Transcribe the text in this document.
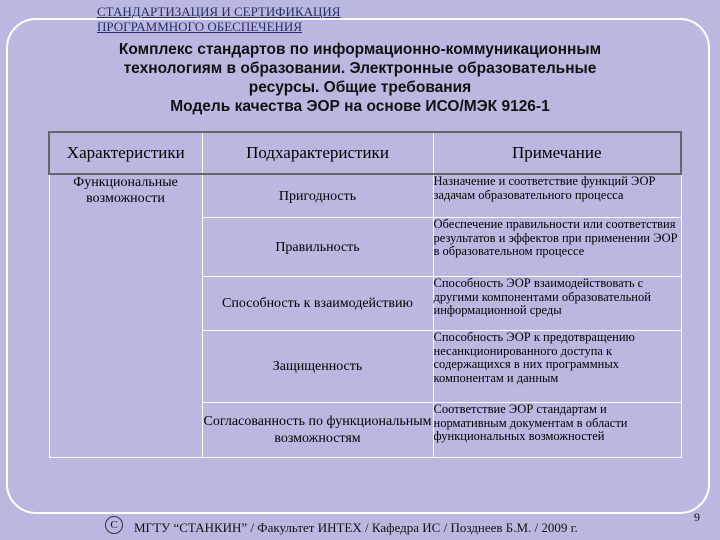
СТАНДАРТИЗАЦИЯ И СЕРТИФИКАЦИЯ
ПРОГРАММНОГО ОБЕСПЕЧЕНИЯ
Комплекс стандартов по информационно-коммуникационным
технологиям в образовании. Электронные образовательные
ресурсы. Общие требования
Модель качества ЭОР на основе ИСО/МЭК 9126-1
Характеристики	Подхарактеристики	Примечание
Функциональные возможности	Пригодность	Назначение и соответствие функций ЭОР задачам образовательного процесса
	Правильность	Обеспечение правильности или соответствия результатов и эффектов при применении ЭОР в образовательном процессе
	Способность к взаимодействию	Способность ЭОР взаимодействовать с другими компонентами образовательной информационной среды
	Защищенность	Способность ЭОР к предотвращению несанкционированного доступа к содержащихся в них программных компонентам и данным
	Согласованность по функциональным возможностям	Соответствие ЭОР стандартам и нормативным документам в области функциональных возможностей
С	МГТУ “СТАНКИН” / Факультет ИНТЕХ / Кафедра ИС / Позднеев Б.М. / 2009 г.
9
